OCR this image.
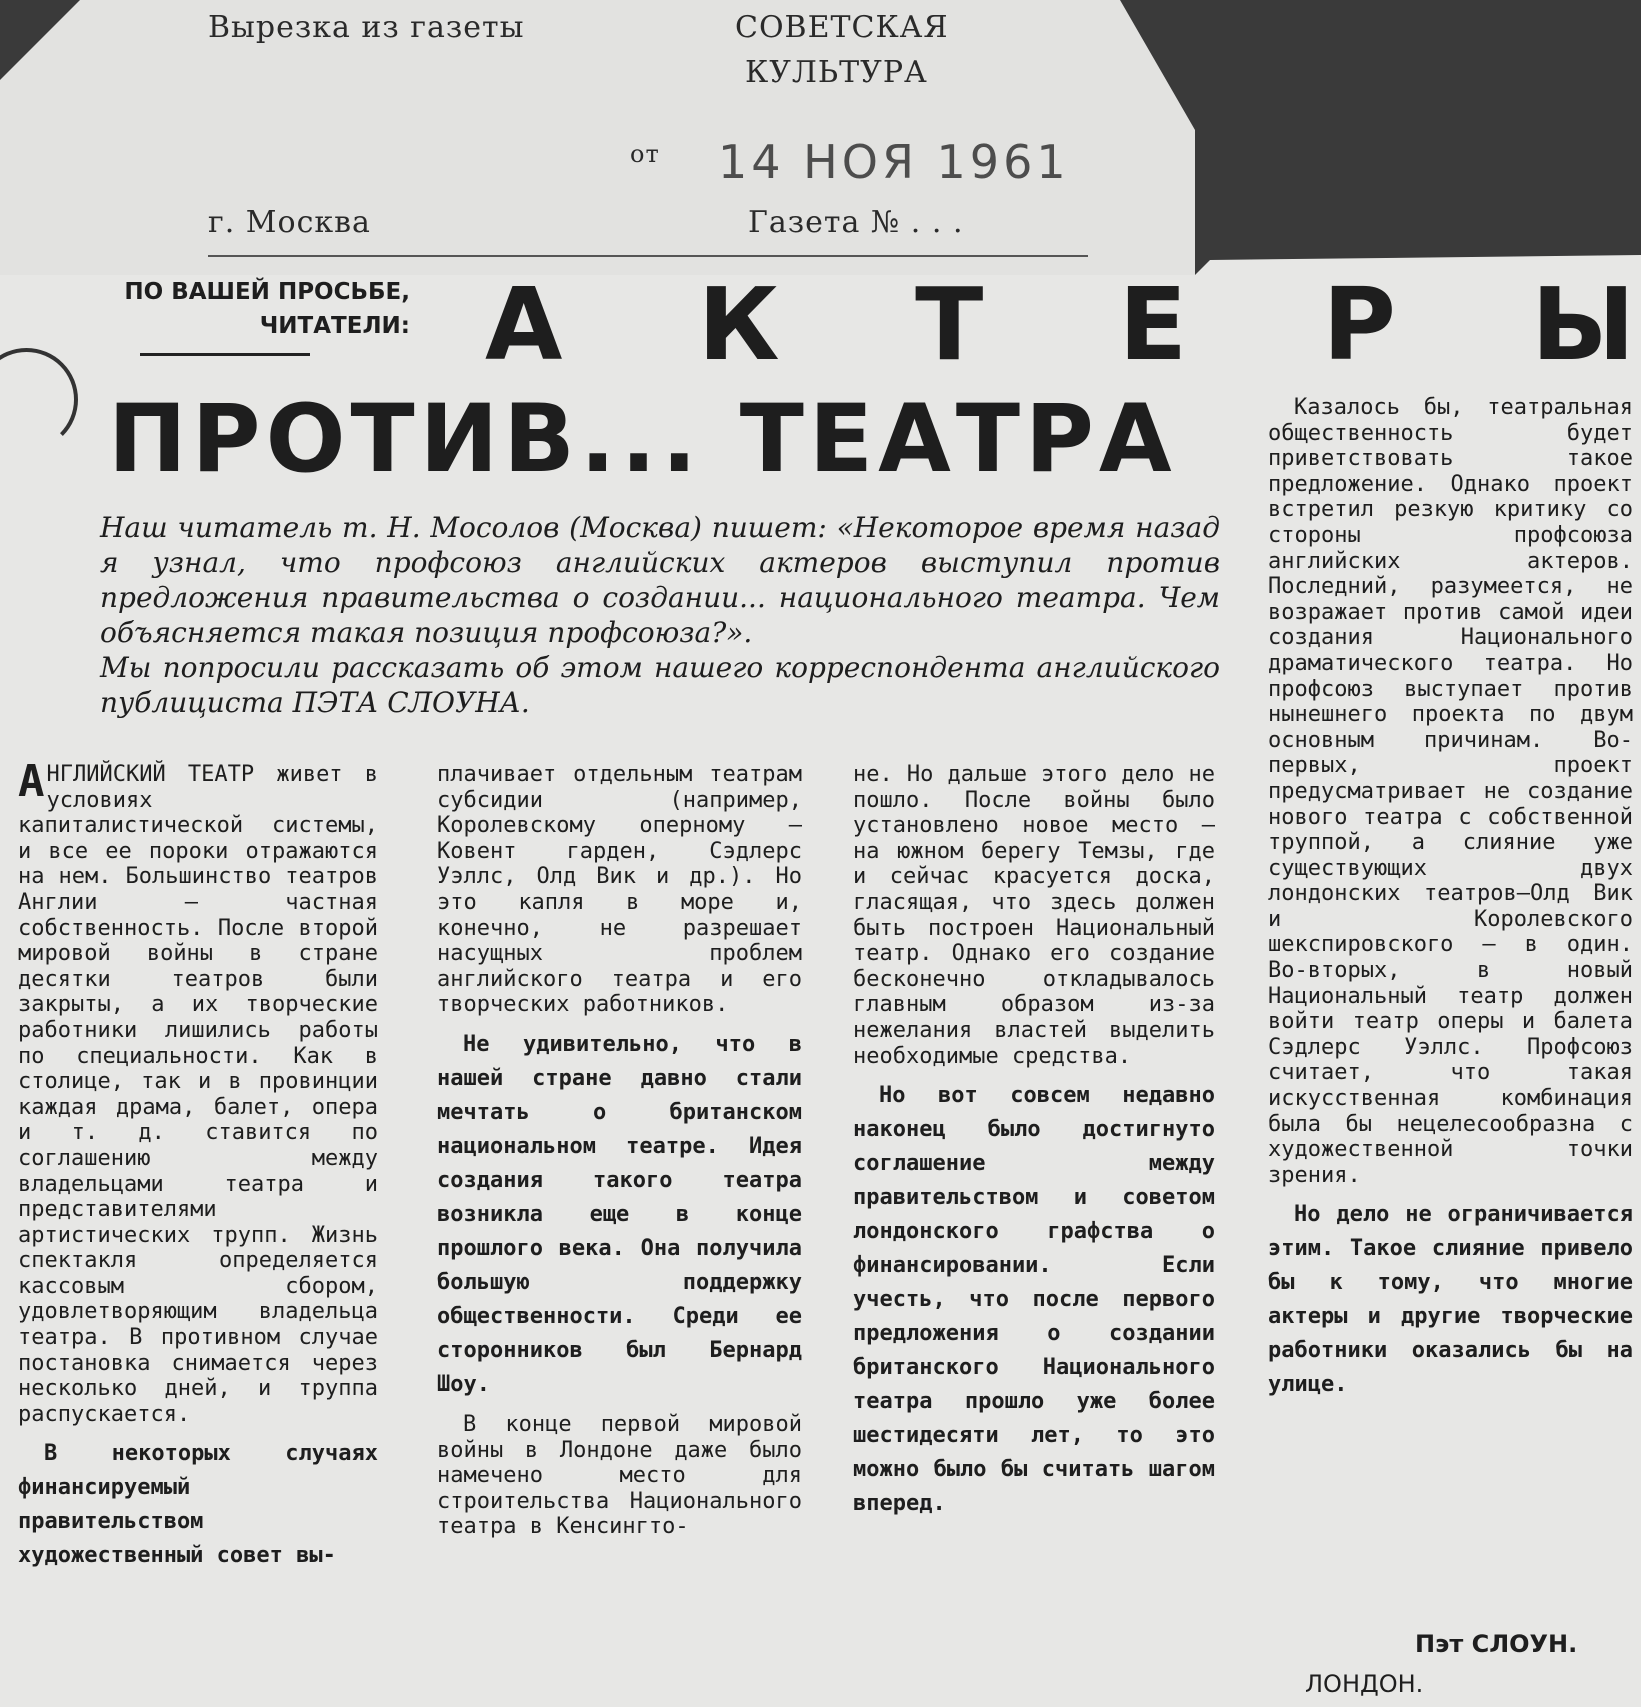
Вырезка из газеты	СОВЕТСКАЯ
КУЛЬТУРА
от 14 НОЯ 1961
г. Москва	Газета № . . .
ПО ВАШЕЙ ПРОСЬБЕ,
ЧИТАТЕЛИ: А К Т Е Р Ы
ПРОТИВ... ТЕАТРА

Наш читатель т. Н. Мосолов (Москва) пишет: «Некоторое время назад я узнал, что профсоюз английских актеров выступил против предложения правительства о создании... национального театра. Чем объясняется такая позиция профсоюза?».

Мы попросили рассказать об этом нашего корреспондента английского публициста ПЭТА СЛОУНА.

АНГЛИЙСКИЙ ТЕАТР живет в условиях капиталистической системы, и все ее пороки отражаются на нем. Большинство театров Англии — частная собственность. После второй мировой войны в стране десятки театров были закрыты, а их творческие работники лишились работы по специальности. Как в столице, так и в провинции каждая драма, балет, опера и т. д. ставится по соглашению между владельцами театра и представителями артистических трупп. Жизнь спектакля определяется кассовым сбором, удовлетворяющим владельца театра. В противном случае постановка снимается через несколько дней, и труппа распускается.

В некоторых случаях финансируемый правительством художественный совет вы-

плачивает отдельным театрам субсидии (например, Королевскому оперному — Ковент гарден, Сэдлерс Уэллс, Олд Вик и др.). Но это капля в море и, конечно, не разрешает насущных проблем английского театра и его творческих работников.

Не удивительно, что в нашей стране давно стали мечтать о британском национальном театре. Идея создания такого театра возникла еще в конце прошлого века. Она получила большую поддержку общественности. Среди ее сторонников был Бернард Шоу.

В конце первой мировой войны в Лондоне даже было намечено место для строительства Национального театра в Кенсингто-

не. Но дальше этого дело не пошло. После войны было установлено новое место — на южном берегу Темзы, где и сейчас красуется доска, гласящая, что здесь должен быть построен Национальный театр. Однако его создание бесконечно откладывалось главным образом из-за нежелания властей выделить необходимые средства.

Но вот совсем недавно наконец было достигнуто соглашение между правительством и советом лондонского графства о финансировании. Если учесть, что после первого предложения о создании британского Национального театра прошло уже более шестидесяти лет, то это можно было бы считать шагом вперед.

Казалось бы, театральная общественность будет приветствовать такое предложение. Однако проект встретил резкую критику со стороны профсоюза английских актеров. Последний, разумеется, не возражает против самой идеи создания Национального драматического театра. Но профсоюз выступает против нынешнего проекта по двум основным причинам. Во-первых, проект предусматривает не создание нового театра с собственной труппой, а слияние уже существующих двух лондонских театров—Олд Вик и Королевского шекспировского — в один. Во-вторых, в новый Национальный театр должен войти театр оперы и балета Сэдлерс Уэллс. Профсоюз считает, что такая искусственная комбинация была бы нецелесообразна с художественной точки зрения.

Но дело не ограничивается этим. Такое слияние привело бы к тому, что многие актеры и другие творческие работники оказались бы на улице.

Пэт СЛОУН.
ЛОНДОН.
